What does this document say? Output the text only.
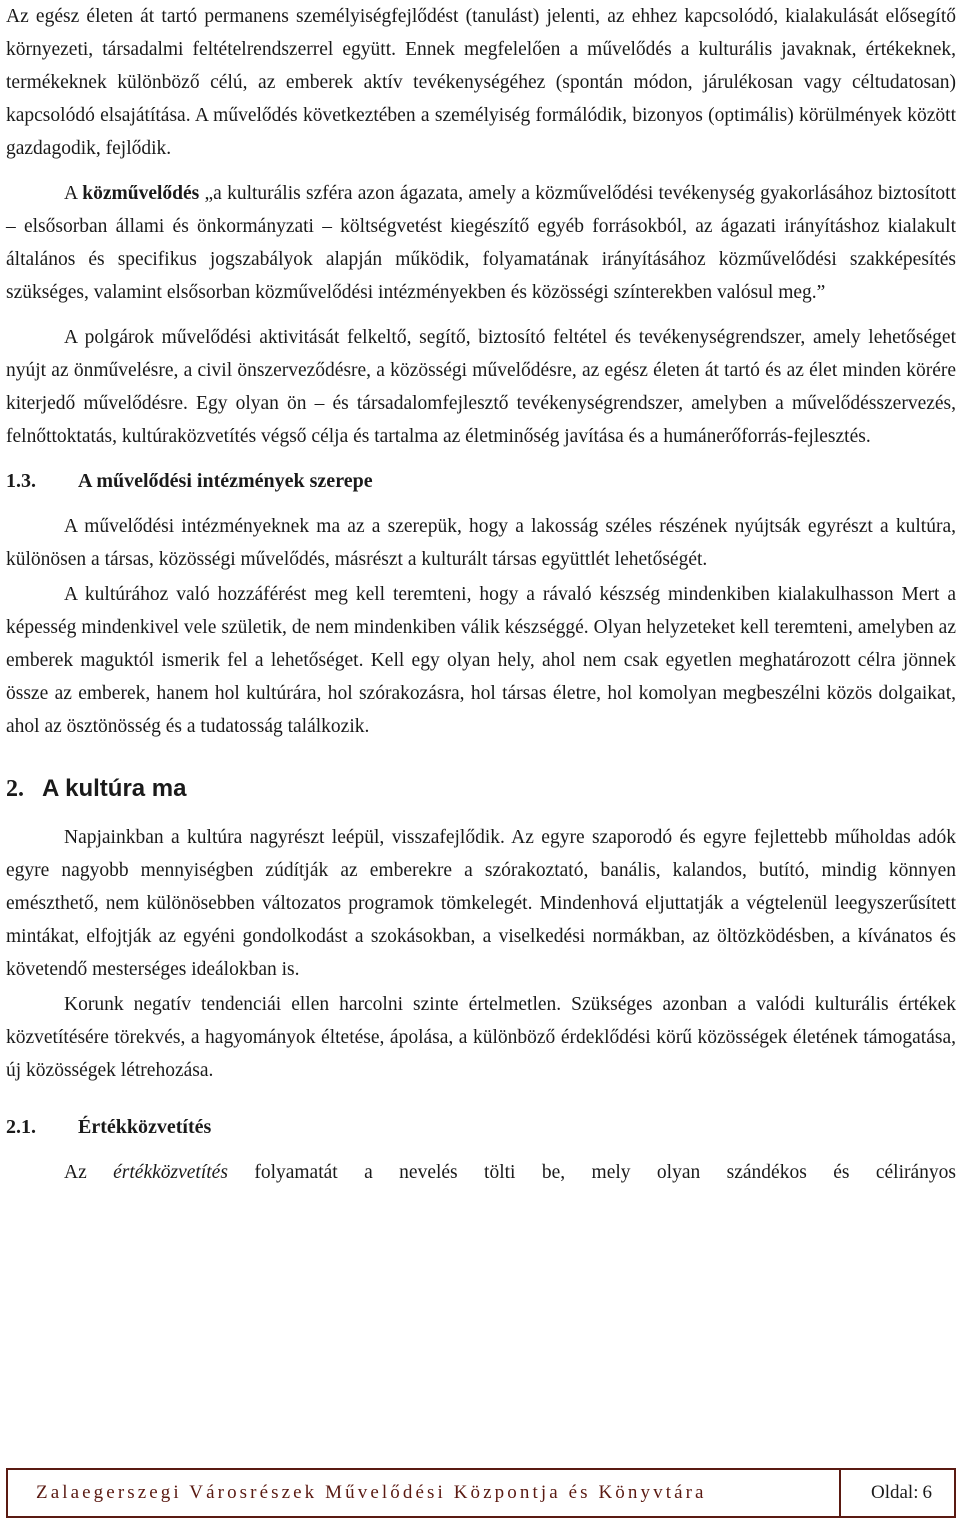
Az egész életen át tartó permanens személyiségfejlődést (tanulást) jelenti, az ehhez kapcsolódó, kialakulását elősegítő környezeti, társadalmi feltételrendszerrel együtt. Ennek megfelelően a művelődés a kulturális javaknak, értékeknek, termékeknek különböző célú, az emberek aktív tevékenységéhez (spontán módon, járulékosan vagy céltudatosan) kapcsolódó elsajátítása. A művelődés következtében a személyiség formálódik, bizonyos (optimális) körülmények között gazdagodik, fejlődik.

A közművelődés „a kulturális szféra azon ágazata, amely a közművelődési tevékenység gyakorlásához biztosított – elsősorban állami és önkormányzati – költségvetést kiegészítő egyéb forrásokból, az ágazati irányításhoz kialakult általános és specifikus jogszabályok alapján működik, folyamatának irányításához közművelődési szakképesítés szükséges, valamint elsősorban közművelődési intézményekben és közösségi színterekben valósul meg.”

A polgárok művelődési aktivitását felkeltő, segítő, biztosító feltétel és tevékenységrendszer, amely lehetőséget nyújt az önművelésre, a civil önszerveződésre, a közösségi művelődésre, az egész életen át tartó és az élet minden körére kiterjedő művelődésre. Egy olyan ön – és társadalomfejlesztő tevékenységrendszer, amelyben a művelődésszervezés, felnőttoktatás, kultúraközvetítés végső célja és tartalma az életminőség javítása és a humánerőforrás-fejlesztés.

1.3.	A művelődési intézmények szerepe

A művelődési intézményeknek ma az a szerepük, hogy a lakosság széles részének nyújtsák egyrészt a kultúra, különösen a társas, közösségi művelődés, másrészt a kulturált társas együttlét lehetőségét.

A kultúrához való hozzáférést meg kell teremteni, hogy a rávaló készség mindenkiben kialakulhasson Mert a képesség mindenkivel vele születik, de nem mindenkiben válik készséggé. Olyan helyzeteket kell teremteni, amelyben az emberek maguktól ismerik fel a lehetőséget. Kell egy olyan hely, ahol nem csak egyetlen meghatározott célra jönnek össze az emberek, hanem hol kultúrára, hol szórakozásra, hol társas életre, hol komolyan megbeszélni közös dolgaikat, ahol az ösztönösség és a tudatosság találkozik.

2. A kultúra ma

Napjainkban a kultúra nagyrészt leépül, visszafejlődik. Az egyre szaporodó és egyre fejlettebb műholdas adók egyre nagyobb mennyiségben zúdítják az emberekre a szórakoztató, banális, kalandos, butító, mindig könnyen emészthető, nem különösebben változatos programok tömkelegét. Mindenhová eljuttatják a végtelenül leegyszerűsített mintákat, elfojtják az egyéni gondolkodást a szokásokban, a viselkedési normákban, az öltözködésben, a kívánatos és követendő mesterséges ideálokban is.

Korunk negatív tendenciái ellen harcolni szinte értelmetlen. Szükséges azonban a valódi kulturális értékek közvetítésére törekvés, a hagyományok éltetése, ápolása, a különböző érdeklődési körű közösségek életének támogatása, új közösségek létrehozása.

2.1.	Értékközvetítés

Az értékközvetítés folyamatát a nevelés tölti be, mely olyan szándékos és célirányos

Zalaegerszegi Városrészek Művelődési Központja és Könyvtára	Oldal: 6
